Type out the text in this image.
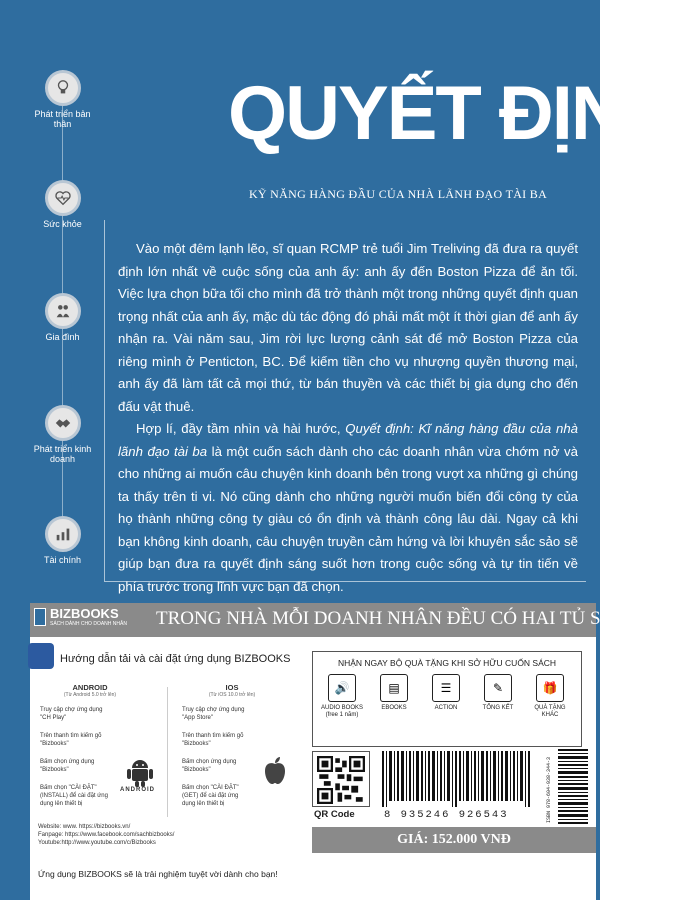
Phát triển bản thân
Sức khỏe
Gia đình
Phát triển kinh doanh
Tài chính
QUYẾT ĐỊNH
KỸ NĂNG HÀNG ĐẦU CỦA NHÀ LÃNH ĐẠO TÀI BA

Vào một đêm lạnh lẽo, sĩ quan RCMP trẻ tuổi Jim Treliving đã đưa ra quyết định lớn nhất về cuộc sống của anh ấy: anh ấy đến Boston Pizza để ăn tối. Việc lựa chọn bữa tối cho mình đã trở thành một trong những quyết định quan trọng nhất của anh ấy, mặc dù tác động đó phải mất một ít thời gian để anh ấy nhận ra. Vài năm sau, Jim rời lực lượng cảnh sát để mở Boston Pizza của riêng mình ở Penticton, BC. Để kiếm tiền cho vụ nhượng quyền thương mại, anh ấy đã làm tất cả mọi thứ, từ bán thuyền và các thiết bị gia dụng cho đến đấu vật thuê.

Hợp lí, đầy tầm nhìn và hài hước, Quyết định: Kĩ năng hàng đầu của nhà lãnh đạo tài ba là một cuốn sách dành cho các doanh nhân vừa chớm nở và cho những ai muốn câu chuyện kinh doanh bên trong vượt xa những gì chúng ta thấy trên ti vi. Nó cũng dành cho những người muốn biến đổi công ty của họ thành những công ty giàu có ổn định và thành công lâu dài. Ngay cả khi bạn không kinh doanh, câu chuyện truyền cảm hứng và lời khuyên sắc sảo sẽ giúp bạn đưa ra quyết định sáng suốt hơn trong cuộc sống và tự tin tiến về phía trước trong lĩnh vực bạn đã chọn.

BIZBOOKS
SÁCH DÀNH CHO DOANH NHÂN TRONG NHÀ MỖI DOANH NHÂN ĐỀU CÓ HAI TỦ SÁCH
Hướng dẫn tải và cài đặt ứng dụng BIZBOOKS
ANDROID
(Từ Android 5.0 trở lên)
Truy cập chợ ứng dụng "CH Play"
Trên thanh tìm kiếm gõ "Bizbooks"
Bấm chọn ứng dụng "Bizbooks"
Bấm chọn "CÀI ĐẶT" (INSTALL) để cài đặt ứng dụng lên thiết bị
ANDROID
IOS
(Từ iOS 10.0 trở lên)
Truy cập chợ ứng dụng "App Store"
Trên thanh tìm kiếm gõ "Bizbooks"
Bấm chọn ứng dụng "Bizbooks"
Bấm chọn "CÀI ĐẶT" (GET) để cài đặt ứng dụng lên thiết bị
Website: www. https://bizbooks.vn/
Fanpage: https://www.facebook.com/sachbizbooks/
Youtube:http://www.youtube.com/c/Bizbooks
Ứng dụng BIZBOOKS sẽ là trải nghiệm tuyệt vời dành cho bạn!
NHẬN NGAY BỘ QUÀ TẶNG KHI SỞ HỮU CUỐN SÁCH
🔊
AUDIO BOOKS (free 1 năm)
▤
EBOOKS
☰
ACTION
✎
TỔNG KẾT
🎁
QUÀ TẶNG KHÁC
QR Code	8 935246 926543	ISBN 978-604-938-344-3
GIÁ: 152.000 VNĐ
